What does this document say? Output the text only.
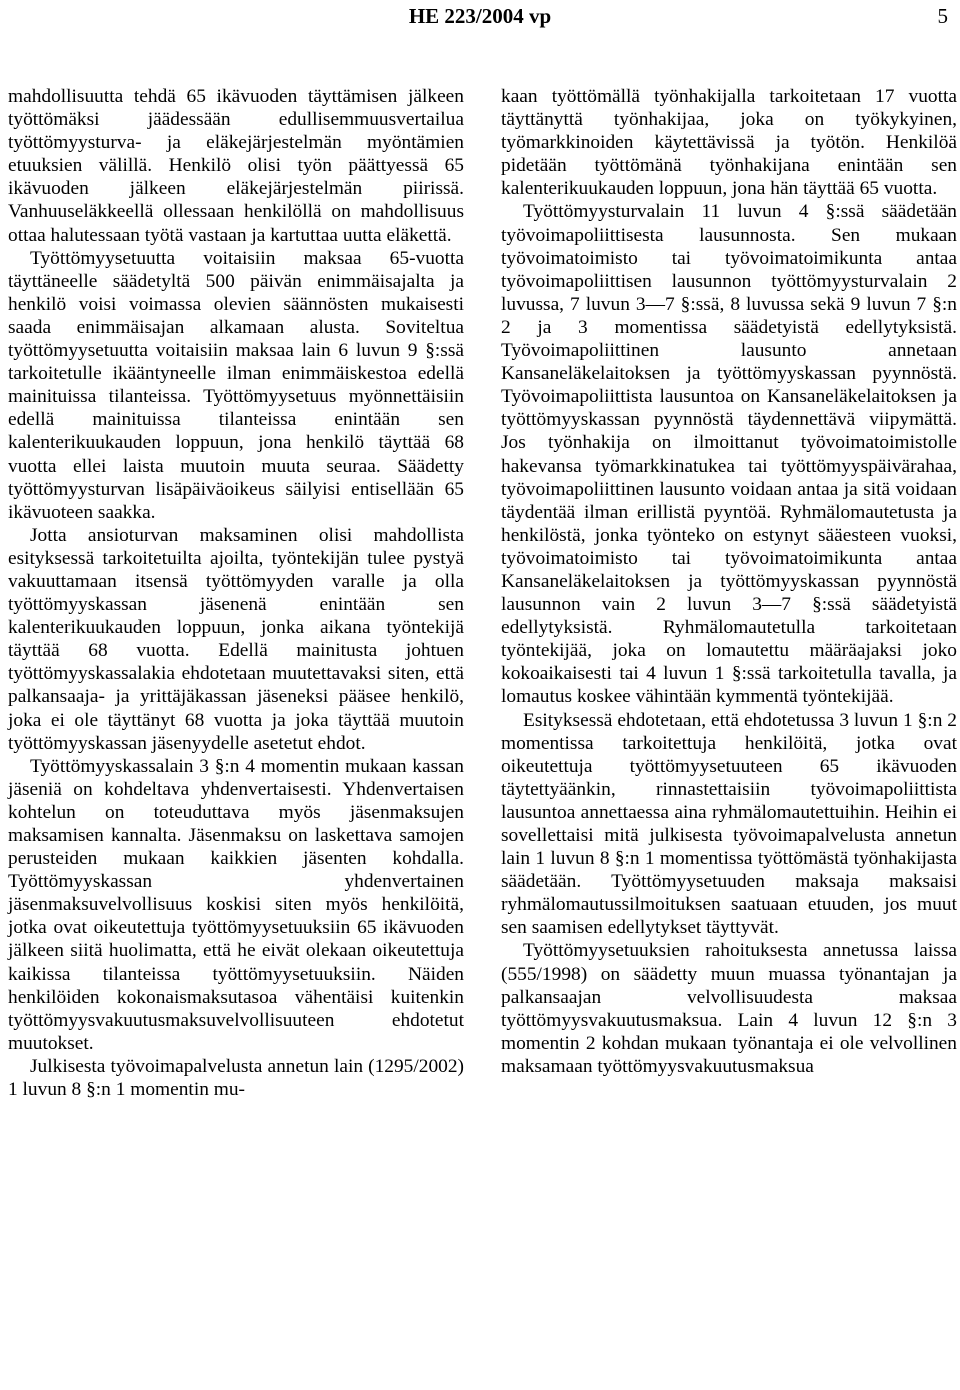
HE 223/2004 vp	5

mahdollisuutta tehdä 65 ikävuoden täyttämisen jälkeen työttömäksi jäädessään edullisemmuusvertailua työttömyysturva- ja eläkejärjestelmän myöntämien etuuksien välillä. Henkilö olisi työn päättyessä 65 ikävuoden jälkeen eläkejärjestelmän piirissä. Vanhuuseläkkeellä ollessaan henkilöllä on mahdollisuus ottaa halutessaan työtä vastaan ja kartuttaa uutta eläkettä.

Työttömyysetuutta voitaisiin maksaa 65-vuotta täyttäneelle säädetyltä 500 päivän enimmäisajalta ja henkilö voisi voimassa olevien säännösten mukaisesti saada enimmäisajan alkamaan alusta. Soviteltua työttömyysetuutta voitaisiin maksaa lain 6 luvun 9 §:ssä tarkoitetulle ikääntyneelle ilman enimmäiskestoa edellä mainituissa tilanteissa. Työttömyysetuus myönnettäisiin edellä mainituissa tilanteissa enintään sen kalenterikuukauden loppuun, jona henkilö täyttää 68 vuotta ellei laista muutoin muuta seuraa. Säädetty työttömyysturvan lisäpäiväoikeus säilyisi entisellään 65 ikävuoteen saakka.

Jotta ansioturvan maksaminen olisi mahdollista esityksessä tarkoitetuilta ajoilta, työntekijän tulee pystyä vakuuttamaan itsensä työttömyyden varalle ja olla työttömyyskassan jäsenenä enintään sen kalenterikuukauden loppuun, jonka aikana työntekijä täyttää 68 vuotta. Edellä mainitusta johtuen työttömyyskassalakia ehdotetaan muutettavaksi siten, että palkansaaja- ja yrittäjäkassan jäseneksi pääsee henkilö, joka ei ole täyttänyt 68 vuotta ja joka täyttää muutoin työttömyyskassan jäsenyydelle asetetut ehdot.

Työttömyyskassalain 3 §:n 4 momentin mukaan kassan jäseniä on kohdeltava yhdenvertaisesti. Yhdenvertaisen kohtelun on toteuduttava myös jäsenmaksujen maksamisen kannalta. Jäsenmaksu on laskettava samojen perusteiden mukaan kaikkien jäsenten kohdalla. Työttömyyskassan yhdenvertainen jäsenmaksuvelvollisuus koskisi siten myös henkilöitä, jotka ovat oikeutettuja työttömyysetuuksiin 65 ikävuoden jälkeen siitä huolimatta, että he eivät olekaan oikeutettuja kaikissa tilanteissa työttömyysetuuksiin. Näiden henkilöiden kokonaismaksutasoa vähentäisi kuitenkin työttömyysvakuutusmaksuvelvollisuuteen ehdotetut muutokset.

Julkisesta työvoimapalvelusta annetun lain (1295/2002) 1 luvun 8 §:n 1 momentin mu-

kaan työttömällä työnhakijalla tarkoitetaan 17 vuotta täyttänyttä työnhakijaa, joka on työkykyinen, työmarkkinoiden käytettävissä ja työtön. Henkilöä pidetään työttömänä työnhakijana enintään sen kalenterikuukauden loppuun, jona hän täyttää 65 vuotta.

Työttömyysturvalain 11 luvun 4 §:ssä säädetään työvoimapoliittisesta lausunnosta. Sen mukaan työvoimatoimisto tai työvoimatoimikunta antaa työvoimapoliittisen lausunnon työttömyysturvalain 2 luvussa, 7 luvun 3—7 §:ssä, 8 luvussa sekä 9 luvun 7 §:n 2 ja 3 momentissa säädetyistä edellytyksistä. Työvoimapoliittinen lausunto annetaan Kansaneläkelaitoksen ja työttömyyskassan pyynnöstä. Työvoimapoliittista lausuntoa on Kansaneläkelaitoksen ja työttömyyskassan pyynnöstä täydennettävä viipymättä. Jos työnhakija on ilmoittanut työvoimatoimistolle hakevansa työmarkkinatukea tai työttömyyspäivärahaa, työvoimapoliittinen lausunto voidaan antaa ja sitä voidaan täydentää ilman erillistä pyyntöä. Ryhmälomautetusta ja henkilöstä, jonka työnteko on estynyt sääesteen vuoksi, työvoimatoimisto tai työvoimatoimikunta antaa Kansaneläkelaitoksen ja työttömyyskassan pyynnöstä lausunnon vain 2 luvun 3—7 §:ssä säädetyistä edellytyksistä. Ryhmälomautetulla tarkoitetaan työntekijää, joka on lomautettu määräajaksi joko kokoaikaisesti tai 4 luvun 1 §:ssä tarkoitetulla tavalla, ja lomautus koskee vähintään kymmentä työntekijää.

Esityksessä ehdotetaan, että ehdotetussa 3 luvun 1 §:n 2 momentissa tarkoitettuja henkilöitä, jotka ovat oikeutettuja työttömyysetuuteen 65 ikävuoden täytettyäänkin, rinnastettaisiin työvoimapoliittista lausuntoa annettaessa aina ryhmälomautettuihin. Heihin ei sovellettaisi mitä julkisesta työvoimapalvelusta annetun lain 1 luvun 8 §:n 1 momentissa työttömästä työnhakijasta säädetään. Työttömyysetuuden maksaja maksaisi ryhmälomautussilmoituksen saatuaan etuuden, jos muut sen saamisen edellytykset täyttyvät.

Työttömyysetuuksien rahoituksesta annetussa laissa (555/1998) on säädetty muun muassa työnantajan ja palkansaajan velvollisuudesta maksaa työttömyysvakuutusmaksua. Lain 4 luvun 12 §:n 3 momentin 2 kohdan mukaan työnantaja ei ole velvollinen maksamaan työttömyysvakuutusmaksua
